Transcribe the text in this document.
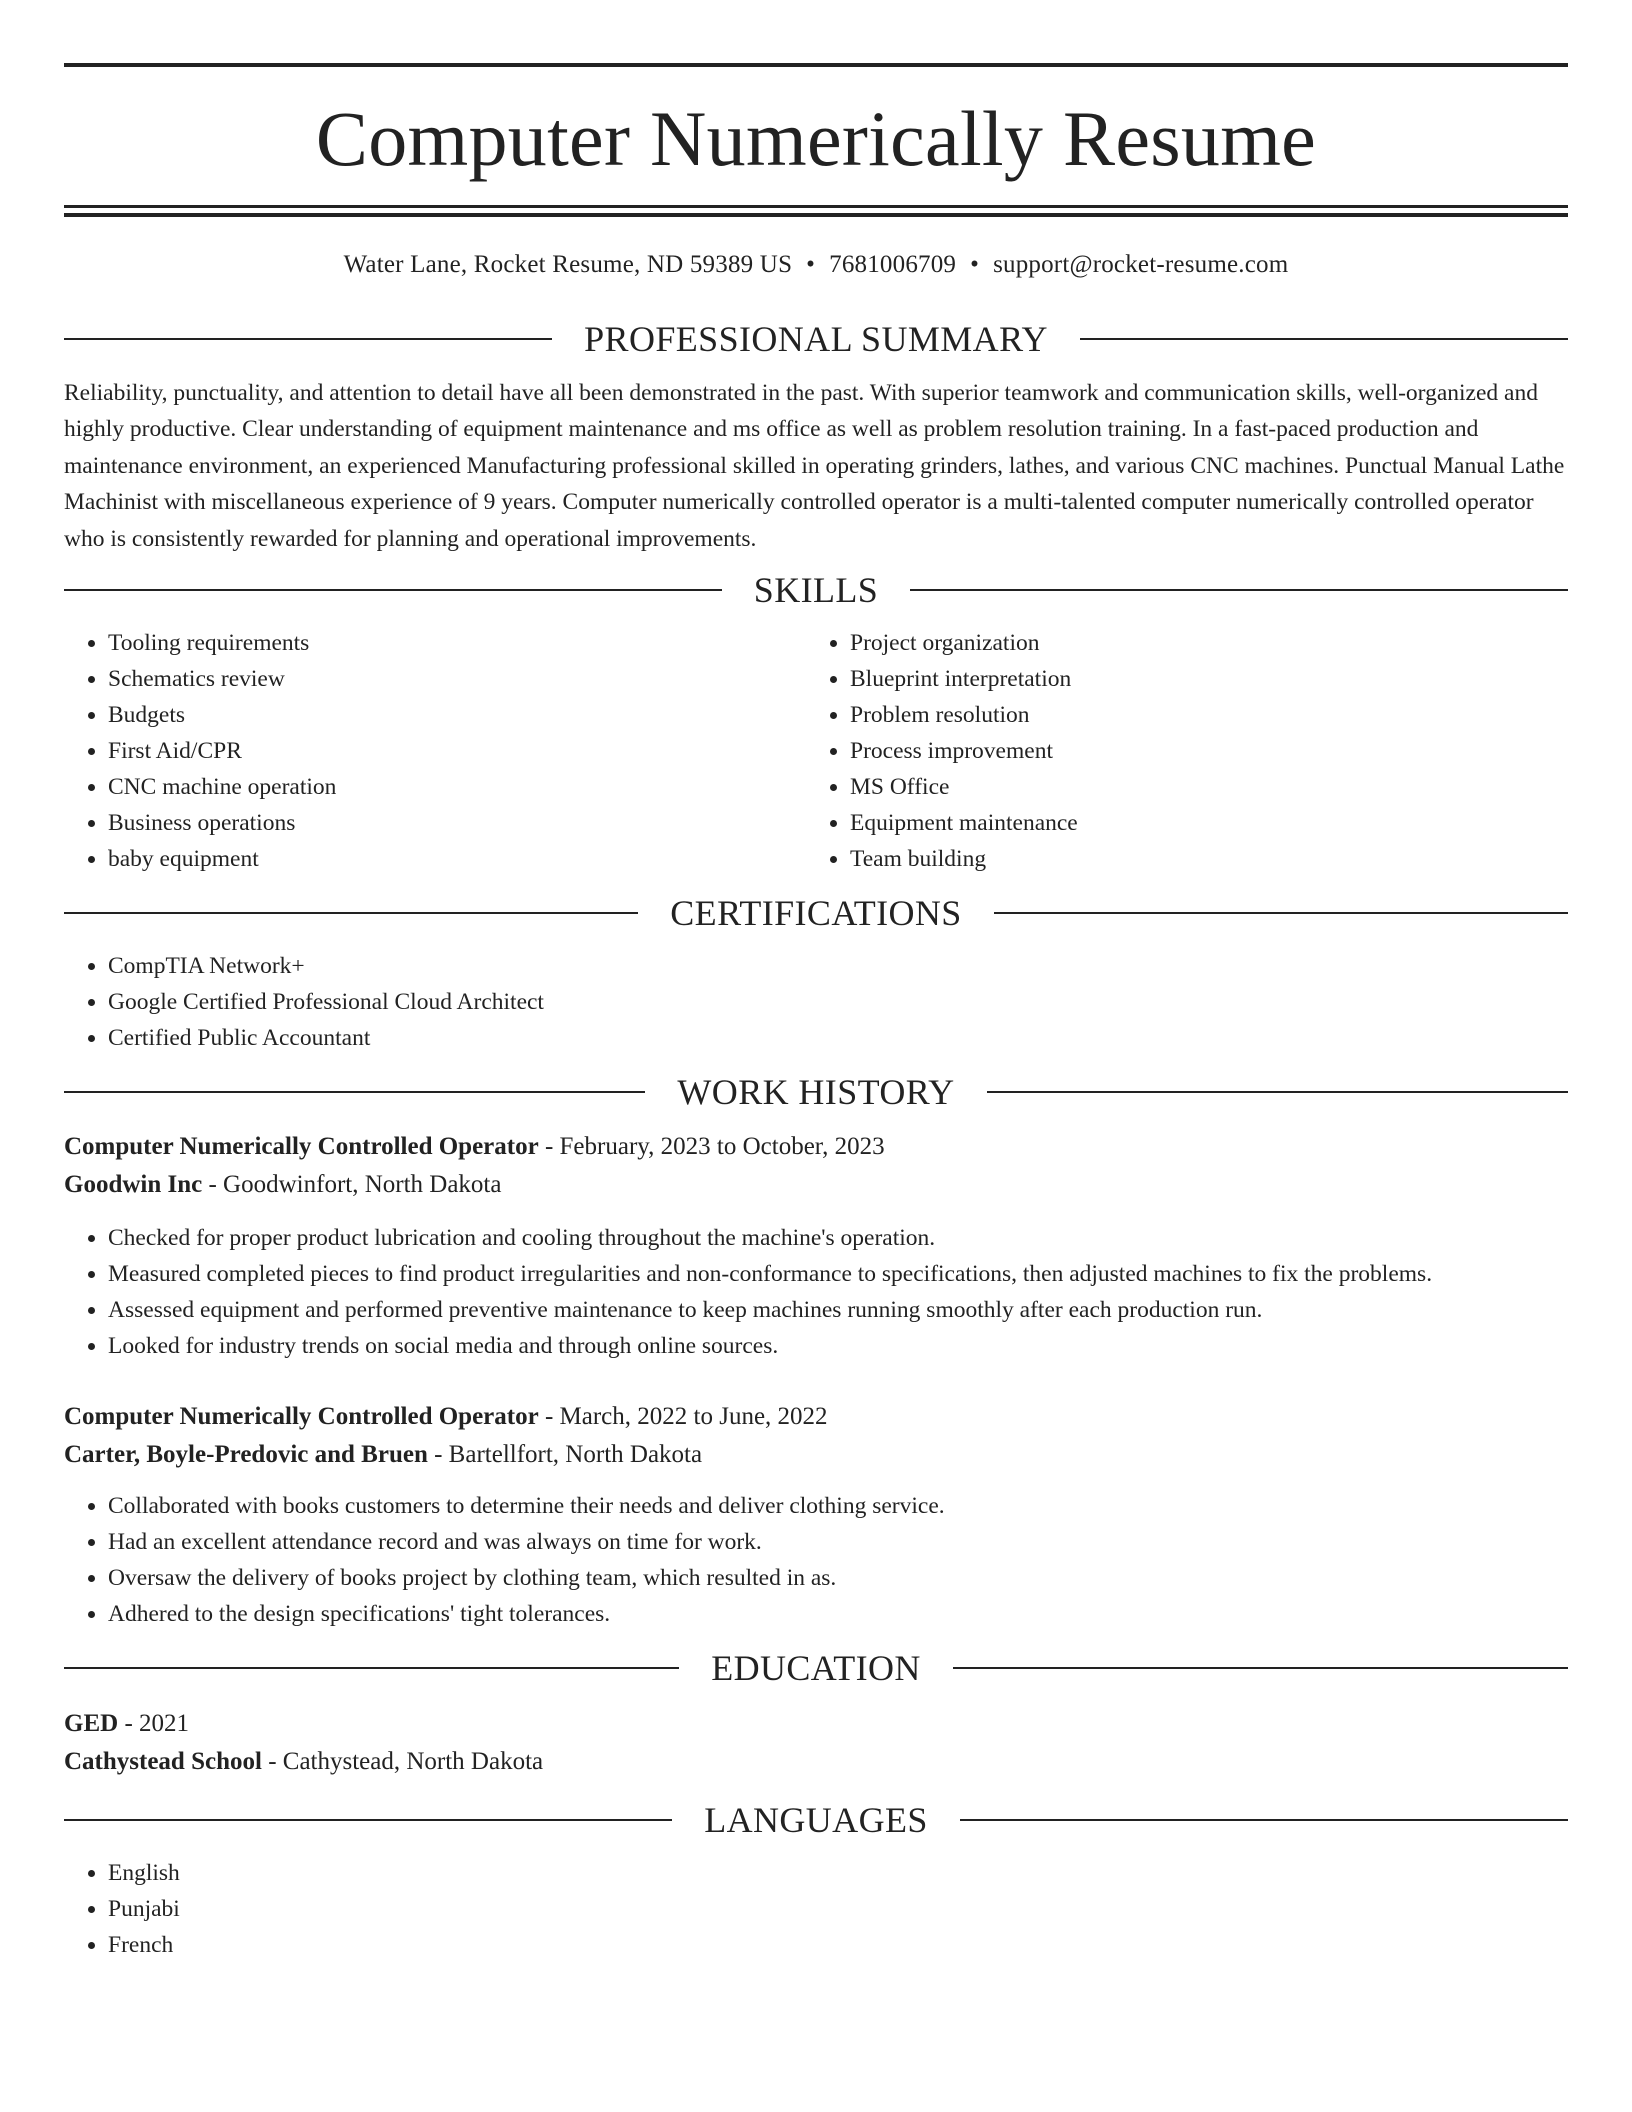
Computer Numerically Resume
Water Lane, Rocket Resume, ND 59389 US • 7681006709 • support@rocket-resume.com
PROFESSIONAL SUMMARY

Reliability, punctuality, and attention to detail have all been demonstrated in the past. With superior teamwork and communication skills, well-organized and highly productive. Clear understanding of equipment maintenance and ms office as well as problem resolution training. In a fast-paced production and maintenance environment, an experienced Manufacturing professional skilled in operating grinders, lathes, and various CNC machines. Punctual Manual Lathe Machinist with miscellaneous experience of 9 years. Computer numerically controlled operator is a multi-talented computer numerically controlled operator who is consistently rewarded for planning and operational improvements.

SKILLS
• Tooling requirements
• Schematics review
• Budgets
• First Aid/CPR
• CNC machine operation
• Business operations
• baby equipment
• Project organization
• Blueprint interpretation
• Problem resolution
• Process improvement
• MS Office
• Equipment maintenance
• Team building
CERTIFICATIONS
• CompTIA Network+
• Google Certified Professional Cloud Architect
• Certified Public Accountant
WORK HISTORY

Computer Numerically Controlled Operator - February, 2023 to October, 2023

Goodwin Inc - Goodwinfort, North Dakota

• Checked for proper product lubrication and cooling throughout the machine's operation.
• Measured completed pieces to find product irregularities and non-conformance to specifications, then adjusted machines to fix the problems.
• Assessed equipment and performed preventive maintenance to keep machines running smoothly after each production run.
• Looked for industry trends on social media and through online sources.

Computer Numerically Controlled Operator - March, 2022 to June, 2022

Carter, Boyle-Predovic and Bruen - Bartellfort, North Dakota

• Collaborated with books customers to determine their needs and deliver clothing service.
• Had an excellent attendance record and was always on time for work.
• Oversaw the delivery of books project by clothing team, which resulted in as.
• Adhered to the design specifications' tight tolerances.
EDUCATION

GED - 2021

Cathystead School - Cathystead, North Dakota

LANGUAGES
• English
• Punjabi
• French
